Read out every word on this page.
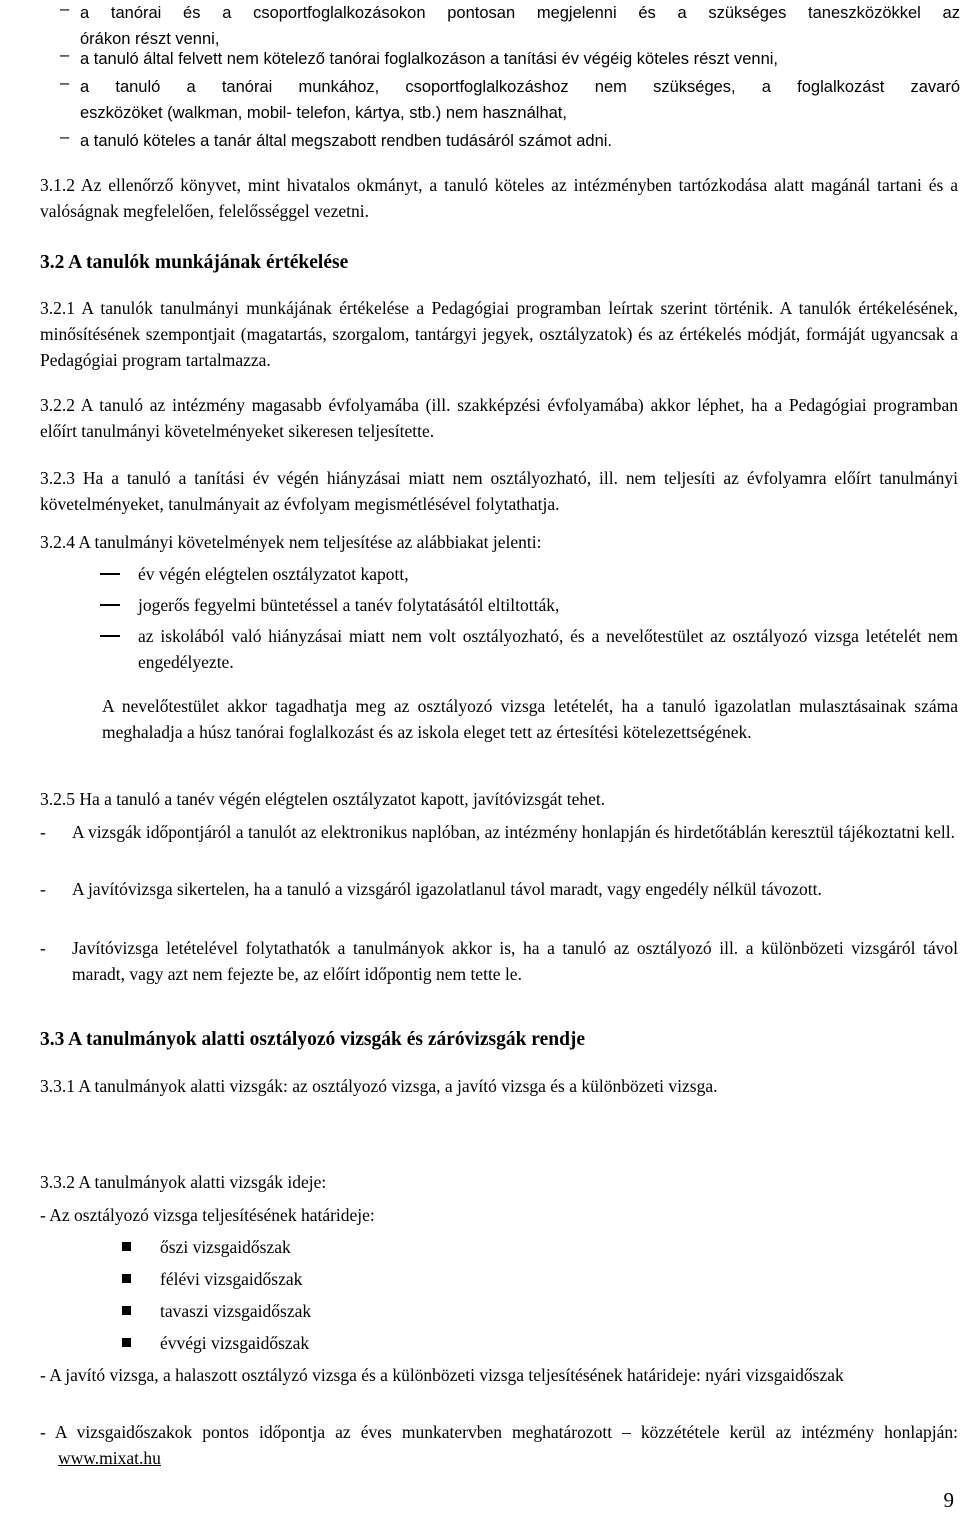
– a tanórai és a csoportfoglalkozásokon pontosan megjelenni és a szükséges taneszközökkel az
órákon részt venni,
– a tanuló által felvett nem kötelező tanórai foglalkozáson a tanítási év végéig köteles részt venni,
– a tanuló a tanórai munkához, csoportfoglalkozáshoz nem szükséges, a foglalkozást zavaró
eszközöket (walkman, mobil- telefon, kártya, stb.) nem használhat,
– a tanuló köteles a tanár által megszabott rendben tudásáról számot adni.

3.1.2 Az ellenőrző könyvet, mint hivatalos okmányt, a tanuló köteles az intézményben tartózkodása alatt magánál tartani és a valóságnak megfelelően, felelősséggel vezetni.

3.2 A tanulók munkájának értékelése

3.2.1 A tanulók tanulmányi munkájának értékelése a Pedagógiai programban leírtak szerint történik. A tanulók értékelésének, minősítésének szempontjait (magatartás, szorgalom, tantárgyi jegyek, osztályzatok) és az értékelés módját, formáját ugyancsak a Pedagógiai program tartalmazza.

3.2.2 A tanuló az intézmény magasabb évfolyamába (ill. szakképzési évfolyamába) akkor léphet, ha a Pedagógiai programban előírt tanulmányi követelményeket sikeresen teljesítette.

3.2.3 Ha a tanuló a tanítási év végén hiányzásai miatt nem osztályozható, ill. nem teljesíti az évfolyamra előírt tanulmányi követelményeket, tanulmányait az évfolyam megismétlésével folytathatja.

3.2.4 A tanulmányi követelmények nem teljesítése az alábbiakat jelenti:

év végén elégtelen osztályzatot kapott,

jogerős fegyelmi büntetéssel a tanév folytatásától eltiltották,

az iskolából való hiányzásai miatt nem volt osztályozható, és a nevelőtestület az osztályozó vizsga letételét nem engedélyezte.

A nevelőtestület akkor tagadhatja meg az osztályozó vizsga letételét, ha a tanuló igazolatlan mulasztásainak száma meghaladja a húsz tanórai foglalkozást és az iskola eleget tett az értesítési kötelezettségének.

3.2.5 Ha a tanuló a tanév végén elégtelen osztályzatot kapott, javítóvizsgát tehet.

-	A vizsgák időpontjáról a tanulót az elektronikus naplóban, az intézmény honlapján és hirdetőtáblán keresztül tájékoztatni kell.

-	A javítóvizsga sikertelen, ha a tanuló a vizsgáról igazolatlanul távol maradt, vagy engedély nélkül távozott.

-	Javítóvizsga letételével folytathatók a tanulmányok akkor is, ha a tanuló az osztályozó ill. a különbözeti vizsgáról távol maradt, vagy azt nem fejezte be, az előírt időpontig nem tette le.

3.3 A tanulmányok alatti osztályozó vizsgák és záróvizsgák rendje

3.3.1 A tanulmányok alatti vizsgák: az osztályozó vizsga, a javító vizsga és a különbözeti vizsga.

3.3.2 A tanulmányok alatti vizsgák ideje:

- Az osztályozó vizsga teljesítésének határideje:

őszi vizsgaidőszak

félévi vizsgaidőszak

tavaszi vizsgaidőszak

évvégi vizsgaidőszak

- A javító vizsga, a halaszott osztályzó vizsga és a különbözeti vizsga teljesítésének határideje: nyári vizsgaidőszak

- A vizsgaidőszakok pontos időpontja az éves munkatervben meghatározott – közzététele kerül az intézmény honlapján: www.mixat.hu

9
